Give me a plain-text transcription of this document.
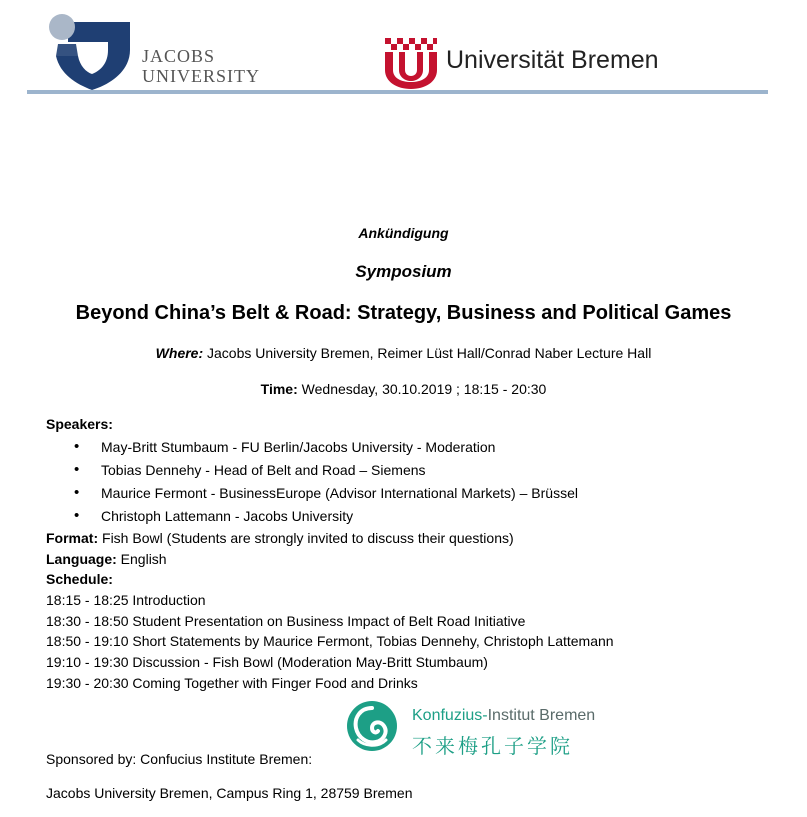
JACOBS
UNIVERSITY
Universität Bremen
Ankündigung
Symposium
Beyond China’s Belt & Road: Strategy, Business and Political Games
Where: Jacobs University Bremen, Reimer Lüst Hall/Conrad Naber Lecture Hall
Time: Wednesday, 30.10.2019 ; 18:15 - 20:30
Speakers:
• May-Britt Stumbaum - FU Berlin/Jacobs University - Moderation
• Tobias Dennehy - Head of Belt and Road – Siemens
• Maurice Fermont - BusinessEurope (Advisor International Markets) – Brüssel
• Christoph Lattemann - Jacobs University
Format: Fish Bowl (Students are strongly invited to discuss their questions)
Language: English
Schedule:
18:15 - 18:25 Introduction
18:30 - 18:50 Student Presentation on Business Impact of Belt Road Initiative
18:50 - 19:10 Short Statements by Maurice Fermont, Tobias Dennehy, Christoph Lattemann
19:10 - 19:30 Discussion - Fish Bowl (Moderation May-Britt Stumbaum)
19:30 - 20:30 Coming Together with Finger Food and Drinks
Konfuzius-Institut Bremen
不来梅孔子学院
Sponsored by: Confucius Institute Bremen:
Jacobs University Bremen, Campus Ring 1, 28759 Bremen
